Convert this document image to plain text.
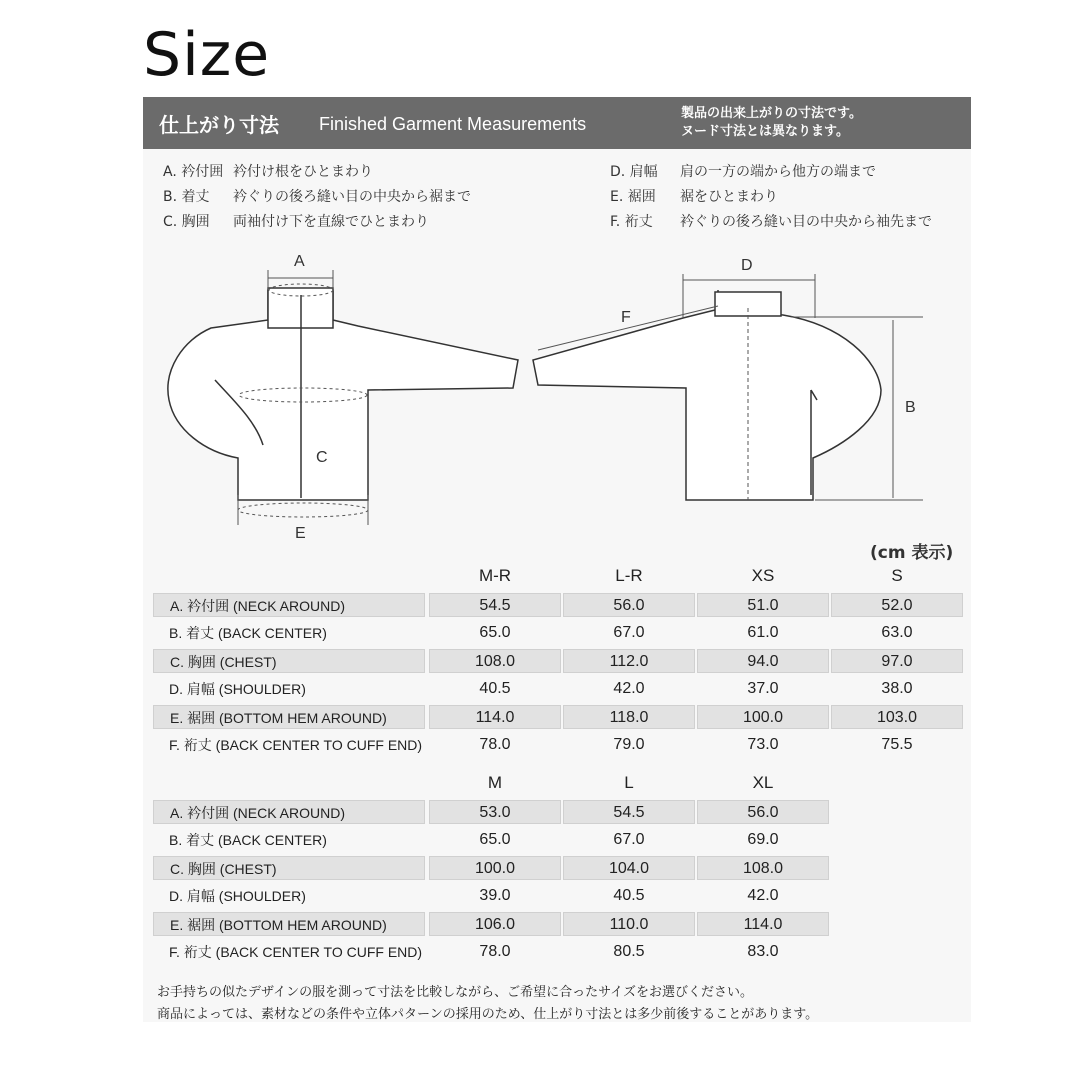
Size
仕上がり寸法 Finished Garment Measurements
製品の出来上がりの寸法です。
ヌード寸法とは異なります。
A. 衿付囲 衿付け根をひとまわり
B. 着丈 衿ぐりの後ろ縫い目の中央から裾まで
C. 胸囲 両袖付け下を直線でひとまわり
D. 肩幅 肩の一方の端から他方の端まで
E. 裾囲 裾をひとまわり
F. 裄丈 衿ぐりの後ろ縫い目の中央から袖先まで
A
C
E
D
F
B
(cm 表示)
M-R	L-R	XS	S
A. 衿付囲 (NECK AROUND)	54.5	56.0	51.0	52.0
B. 着丈 (BACK CENTER)	65.0	67.0	61.0	63.0
C. 胸囲 (CHEST)	108.0	112.0	94.0	97.0
D. 肩幅 (SHOULDER)	40.5	42.0	37.0	38.0
E. 裾囲 (BOTTOM HEM AROUND)	114.0	118.0	100.0	103.0
F. 裄丈 (BACK CENTER TO CUFF END)	78.0	79.0	73.0	75.5
M	L	XL
A. 衿付囲 (NECK AROUND)	53.0	54.5	56.0
B. 着丈 (BACK CENTER)	65.0	67.0	69.0
C. 胸囲 (CHEST)	100.0	104.0	108.0
D. 肩幅 (SHOULDER)	39.0	40.5	42.0
E. 裾囲 (BOTTOM HEM AROUND)	106.0	110.0	114.0
F. 裄丈 (BACK CENTER TO CUFF END)	78.0	80.5	83.0
お手持ちの似たデザインの服を測って寸法を比較しながら、ご希望に合ったサイズをお選びください。
商品によっては、素材などの条件や立体パターンの採用のため、仕上がり寸法とは多少前後することがあります。
